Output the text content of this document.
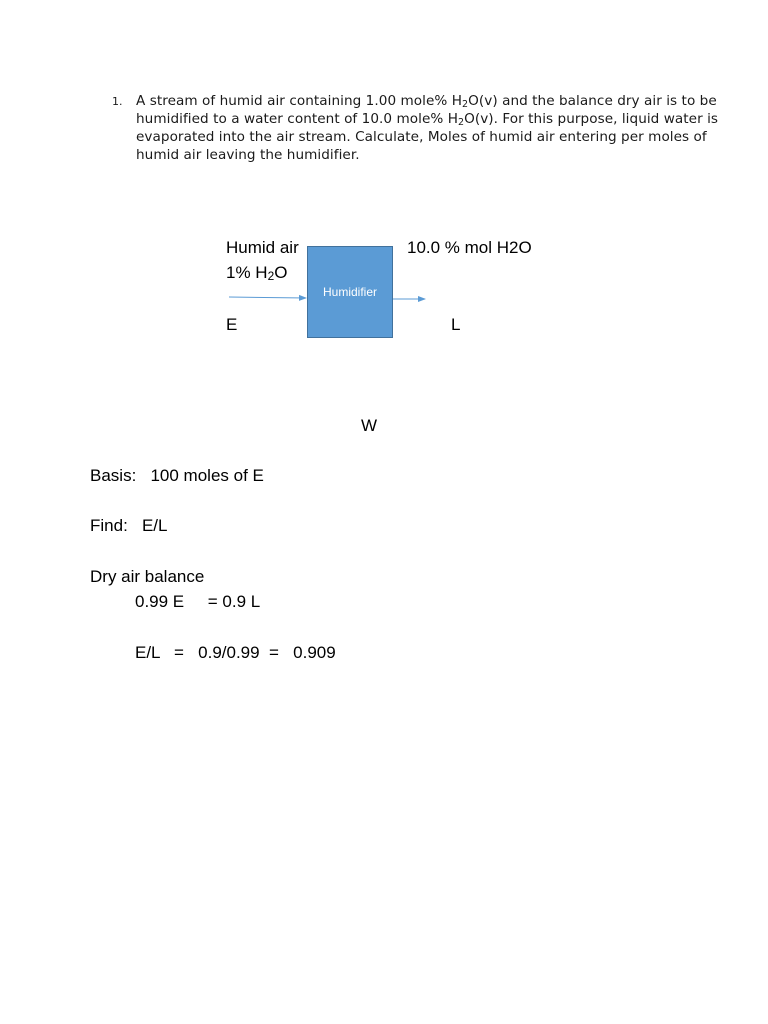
1. A stream of humid air containing 1.00 mole% $H_2O(v)$ and the balance dry air is to be humidified to a water content of 10.0 mole% $H_2O(v)$. For this purpose, liquid water is evaporated into the air stream. Calculate, Moles of humid air entering per moles of humid air leaving the humidifier.
Humid air
1% $H_2O$
10.0 % mol H2O
Humidifier
E	L
W
Basis:   100 moles of E
Find:   E/L
Dry air balance
0.99 E     = 0.9 L
E/L   =   0.9/0.99  =   0.909
